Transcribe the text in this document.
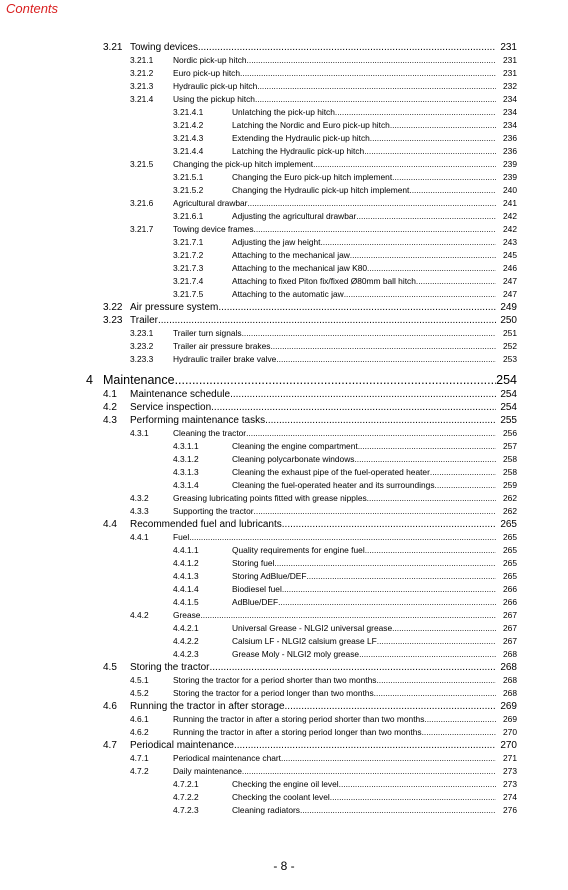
Contents
3.21 Towing devices .....	231
3.21.1 Nordic pick-up hitch .....	231
3.21.2 Euro pick-up hitch .....	231
3.21.3 Hydraulic pick-up hitch .....	232
3.21.4 Using the pickup hitch .....	234
3.21.4.1	Unlatching the pick-up hitch .....	234
3.21.4.2	Latching the Nordic and Euro pick-up hitch .....	234
3.21.4.3	Extending the Hydraulic pick-up hitch .....	236
3.21.4.4	Latching the Hydraulic pick-up hitch .....	236
3.21.5 Changing the pick-up hitch implement .....	239
3.21.5.1	Changing the Euro pick-up hitch implement .....	239
3.21.5.2	Changing the Hydraulic pick-up hitch implement .....	240
3.21.6 Agricultural drawbar .....	241
3.21.6.1	Adjusting the agricultural drawbar .....	242
3.21.7 Towing device frames .....	242
3.21.7.1	Adjusting the jaw height .....	243
3.21.7.2	Attaching to the mechanical jaw .....	245
3.21.7.3	Attaching to the mechanical jaw K80 .....	246
3.21.7.4	Attaching to fixed Piton fix/fixed Ø80mm ball hitch .....	247
3.21.7.5	Attaching to the automatic jaw .....	247
3.22 Air pressure system .....	249
3.23 Trailer .....	250
3.23.1 Trailer turn signals .....	251
3.23.2 Trailer air pressure brakes .....	252
3.23.3 Hydraulic trailer brake valve .....	253
4 Maintenance .....	254
4.1 Maintenance schedule .....	254
4.2 Service inspection .....	254
4.3 Performing maintenance tasks .....	255
4.3.1	Cleaning the tractor .....	256
4.3.1.1	Cleaning the engine compartment .....	257
4.3.1.2	Cleaning polycarbonate windows .....	258
4.3.1.3	Cleaning the exhaust pipe of the fuel-operated heater .....	258
4.3.1.4	Cleaning the fuel-operated heater and its surroundings .....	259
4.3.2	Greasing lubricating points fitted with grease nipples .....	262
4.3.3	Supporting the tractor .....	262
4.4 Recommended fuel and lubricants .....	265
4.4.1	Fuel .....	265
4.4.1.1	Quality requirements for engine fuel .....	265
4.4.1.2	Storing fuel .....	265
4.4.1.3	Storing AdBlue/DEF .....	265
4.4.1.4	Biodiesel fuel .....	266
4.4.1.5	AdBlue/DEF .....	266
4.4.2	Grease .....	267
4.4.2.1	Universal Grease - NLGI2 universal grease .....	267
4.4.2.2	Calsium LF - NLGI2 calsium grease LF .....	267
4.4.2.3	Grease Moly - NLGI2 moly grease .....	268
4.5 Storing the tractor .....	268
4.5.1	Storing the tractor for a period shorter than two months .....	268
4.5.2	Storing the tractor for a period longer than two months .....	268
4.6 Running the tractor in after storage .....	269
4.6.1	Running the tractor in after a storing period shorter than two months .....	269
4.6.2	Running the tractor in after a storing period longer than two months .....	270
4.7 Periodical maintenance .....	270
4.7.1	Periodical maintenance chart .....	271
4.7.2	Daily maintenance .....	273
4.7.2.1	Checking the engine oil level .....	273
4.7.2.2	Checking the coolant level .....	274
4.7.2.3	Cleaning radiators .....	276
- 8 -
